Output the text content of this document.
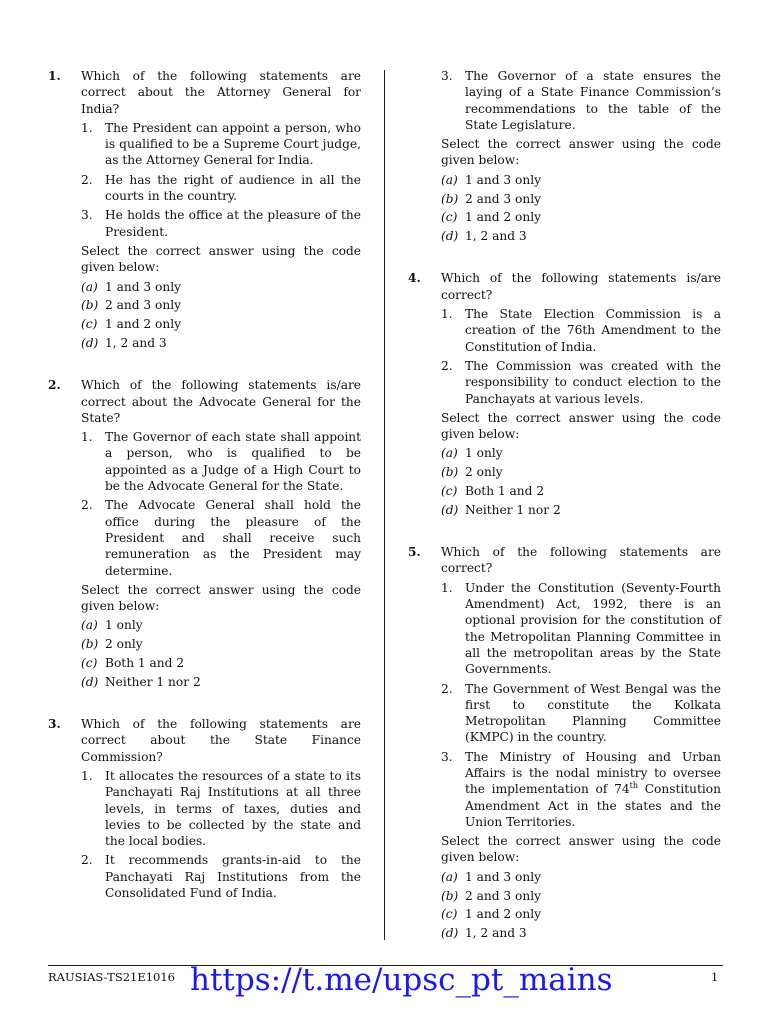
1. Which of the following statements are correct about the Attorney General for India?

1. The President can appoint a person, who is qualified to be a Supreme Court judge, as the Attorney General for India.
2. He has the right of audience in all the courts in the country.
3. He holds the office at the pleasure of the President.
Select the correct answer using the code given below:
(a) 1 and 3 only
(b) 2 and 3 only
(c) 1 and 2 only
(d) 1, 2 and 3
2. Which of the following statements is/are correct about the Advocate General for the State?

1. The Governor of each state shall appoint a person, who is qualified to be appointed as a Judge of a High Court to be the Advocate General for the State.
2. The Advocate General shall hold the office during the pleasure of the President and shall receive such remuneration as the President may determine.
Select the correct answer using the code given below:
(a) 1 only
(b) 2 only
(c) Both 1 and 2
(d) Neither 1 nor 2
3. Which of the following statements are correct about the State Finance Commission?

1. It allocates the resources of a state to its Panchayati Raj Institutions at all three levels, in terms of taxes, duties and levies to be collected by the state and the local bodies.
2. It recommends grants-in-aid to the Panchayati Raj Institutions from the Consolidated Fund of India.
3. The Governor of a state ensures the laying of a State Finance Commission’s recommendations to the table of the State Legislature.
Select the correct answer using the code given below:
(a) 1 and 3 only
(b) 2 and 3 only
(c) 1 and 2 only
(d) 1, 2 and 3
4. Which of the following statements is/are correct?

1. The State Election Commission is a creation of the 76th Amendment to the Constitution of India.
2. The Commission was created with the responsibility to conduct election to the Panchayats at various levels.
Select the correct answer using the code given below:
(a) 1 only
(b) 2 only
(c) Both 1 and 2
(d) Neither 1 nor 2
5. Which of the following statements are correct?

1. Under the Constitution (Seventy-Fourth Amendment) Act, 1992, there is an optional provision for the constitution of the Metropolitan Planning Committee in all the metropolitan areas by the State Governments.
2. The Government of West Bengal was the first to constitute the Kolkata Metropolitan Planning Committee (KMPC) in the country.
3. The Ministry of Housing and Urban Affairs is the nodal ministry to oversee the implementation of 74th Constitution Amendment Act in the states and the Union Territories.
Select the correct answer using the code given below:
(a) 1 and 3 only
(b) 2 and 3 only
(c) 1 and 2 only
(d) 1, 2 and 3
RAUSIAS-TS21E1016 https://t.me/upsc_pt_mains	1
